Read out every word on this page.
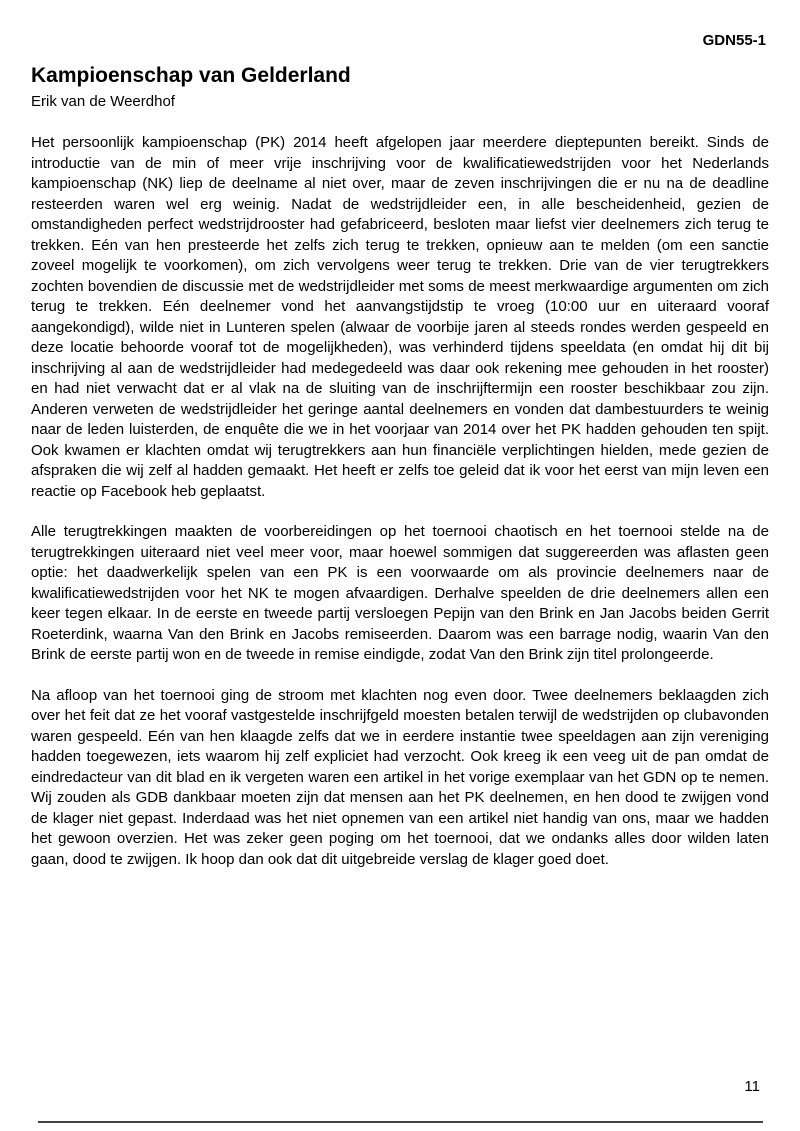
GDN55-1
Kampioenschap van Gelderland
Erik van de Weerdhof

Het persoonlijk kampioenschap (PK) 2014 heeft afgelopen jaar meerdere dieptepunten bereikt. Sinds de introductie van de min of meer vrije inschrijving voor de kwalificatiewedstrijden voor het Nederlands kampioenschap (NK) liep de deelname al niet over, maar de zeven inschrijvingen die er nu na de deadline resteerden waren wel erg weinig. Nadat de wedstrijdleider een, in alle bescheidenheid, gezien de omstandigheden perfect wedstrijdrooster had gefabriceerd, besloten maar liefst vier deelnemers zich terug te trekken. Eén van hen presteerde het zelfs zich terug te trekken, opnieuw aan te melden (om een sanctie zoveel mogelijk te voorkomen), om zich vervolgens weer terug te trekken. Drie van de vier terugtrekkers zochten bovendien de discussie met de wedstrijdleider met soms de meest merkwaardige argumenten om zich terug te trekken. Eén deelnemer vond het aanvangstijdstip te vroeg (10:00 uur en uiteraard vooraf aangekondigd), wilde niet in Lunteren spelen (alwaar de voorbije jaren al steeds rondes werden gespeeld en deze locatie behoorde vooraf tot de mogelijkheden), was verhinderd tijdens speeldata (en omdat hij dit bij inschrijving al aan de wedstrijdleider had medegedeeld was daar ook rekening mee gehouden in het rooster) en had niet verwacht dat er al vlak na de sluiting van de inschrijftermijn een rooster beschikbaar zou zijn. Anderen verweten de wedstrijdleider het geringe aantal deelnemers en vonden dat dambestuurders te weinig naar de leden luisterden, de enquête die we in het voorjaar van 2014 over het PK hadden gehouden ten spijt. Ook kwamen er klachten omdat wij terugtrekkers aan hun financiële verplichtingen hielden, mede gezien de afspraken die wij zelf al hadden gemaakt. Het heeft er zelfs toe geleid dat ik voor het eerst van mijn leven een reactie op Facebook heb geplaatst.

Alle terugtrekkingen maakten de voorbereidingen op het toernooi chaotisch en het toernooi stelde na de terugtrekkingen uiteraard niet veel meer voor, maar hoewel sommigen dat suggereerden was aflasten geen optie: het daadwerkelijk spelen van een PK is een voorwaarde om als provincie deelnemers naar de kwalificatiewedstrijden voor het NK te mogen afvaardigen. Derhalve speelden de drie deelnemers allen een keer tegen elkaar. In de eerste en tweede partij versloegen Pepijn van den Brink en Jan Jacobs beiden Gerrit Roeterdink, waarna Van den Brink en Jacobs remiseerden. Daarom was een barrage nodig, waarin Van den Brink de eerste partij won en de tweede in remise eindigde, zodat Van den Brink zijn titel prolongeerde.

Na afloop van het toernooi ging de stroom met klachten nog even door. Twee deelnemers beklaagden zich over het feit dat ze het vooraf vastgestelde inschrijfgeld moesten betalen terwijl de wedstrijden op clubavonden waren gespeeld. Eén van hen klaagde zelfs dat we in eerdere instantie twee speeldagen aan zijn vereniging hadden toegewezen, iets waarom hij zelf expliciet had verzocht. Ook kreeg ik een veeg uit de pan omdat de eindredacteur van dit blad en ik vergeten waren een artikel in het vorige exemplaar van het GDN op te nemen. Wij zouden als GDB dankbaar moeten zijn dat mensen aan het PK deelnemen, en hen dood te zwijgen vond de klager niet gepast. Inderdaad was het niet opnemen van een artikel niet handig van ons, maar we hadden het gewoon overzien. Het was zeker geen poging om het toernooi, dat we ondanks alles door wilden laten gaan, dood te zwijgen. Ik hoop dan ook dat dit uitgebreide verslag de klager goed doet.

11
